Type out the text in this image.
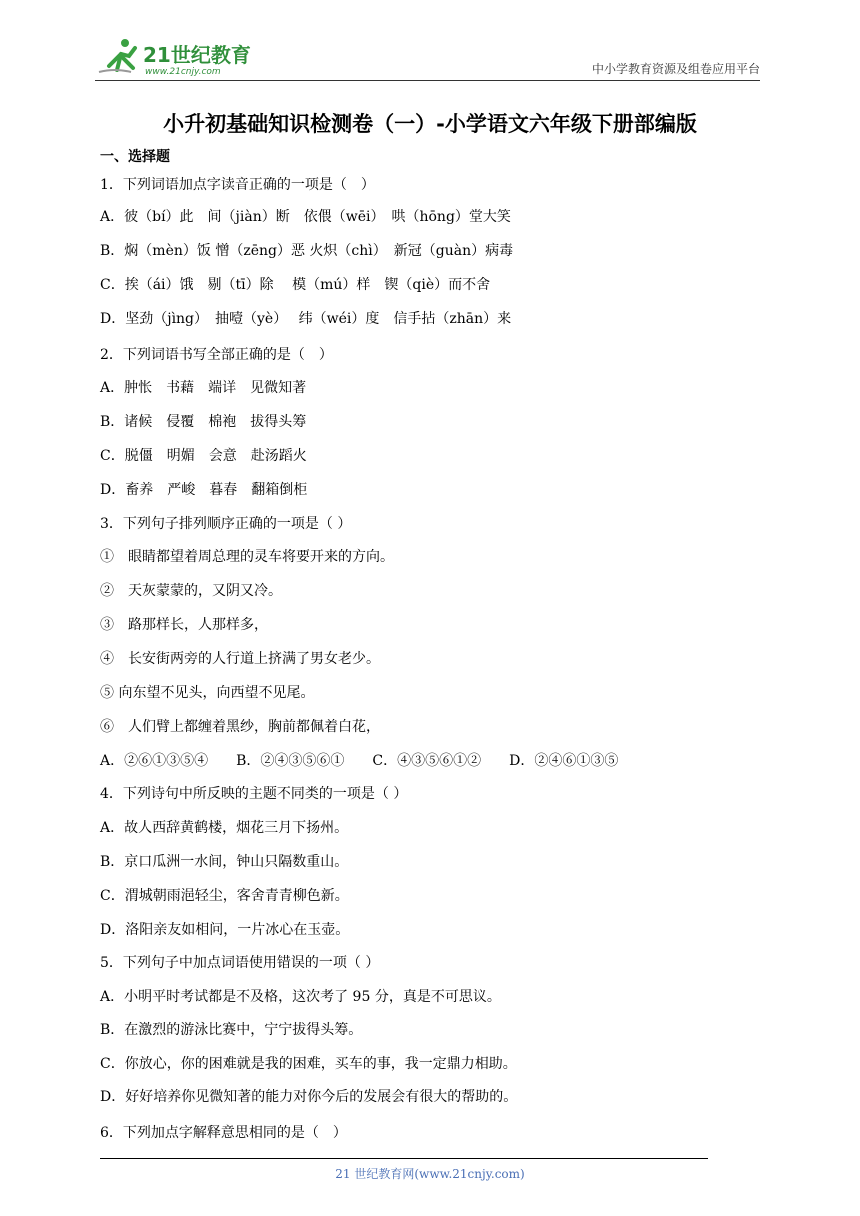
21世纪教育
www.21cnjy.com	中小学教育资源及组卷应用平台
小升初基础知识检测卷（一）-小学语文六年级下册部编版
一、选择题
1．下列词语加点字读音正确的一项是（　）
A．彼（bí）此　间（jiàn）断　依偎（wēi）　哄（hōng）堂大笑
B．焖（mèn）饭 憎（zēng）恶 火炽（chì）　新冠（guàn）病毒
C．挨（ái）饿　剔（tī）除　 模（mú）样　锲（qiè）而不舍
D．坚劲（jìng）　抽噎（yè）　 纬（wéi）度　信手拈（zhān）来
2．下列词语书写全部正确的是（　）
A．肿怅　书藉　端详　见微知著
B．诸候　侵覆　棉袍　拔得头筹
C．脱僵　明媚　会意　赴汤蹈火
D．畜养　严峻　暮春　翻箱倒柜
3．下列句子排列顺序正确的一项是（ ）
①　眼睛都望着周总理的灵车将要开来的方向。
②　天灰蒙蒙的，又阴又冷。
③　路那样长，人那样多，
④　长安街两旁的人行道上挤满了男女老少。
⑤ 向东望不见头，向西望不见尾。
⑥　人们臂上都缠着黑纱，胸前都佩着白花，
A．②⑥①③⑤④　　B．②④③⑤⑥①　　C．④③⑤⑥①②　　D．②④⑥①③⑤
4．下列诗句中所反映的主题不同类的一项是（ ）
A．故人西辞黄鹤楼，烟花三月下扬州。
B．京口瓜洲一水间，钟山只隔数重山。
C．渭城朝雨浥轻尘，客舍青青柳色新。
D．洛阳亲友如相问，一片冰心在玉壶。
5．下列句子中加点词语使用错误的一项（ ）
A．小明平时考试都是不及格，这次考了 95 分，真是不可思议。
B．在激烈的游泳比赛中，宁宁拔得头筹。
C．你放心，你的困难就是我的困难，买车的事，我一定鼎力相助。
D．好好培养你见微知著的能力对你今后的发展会有很大的帮助的。
6．下列加点字解释意思相同的是（　）
21 世纪教育网(www.21cnjy.com)
